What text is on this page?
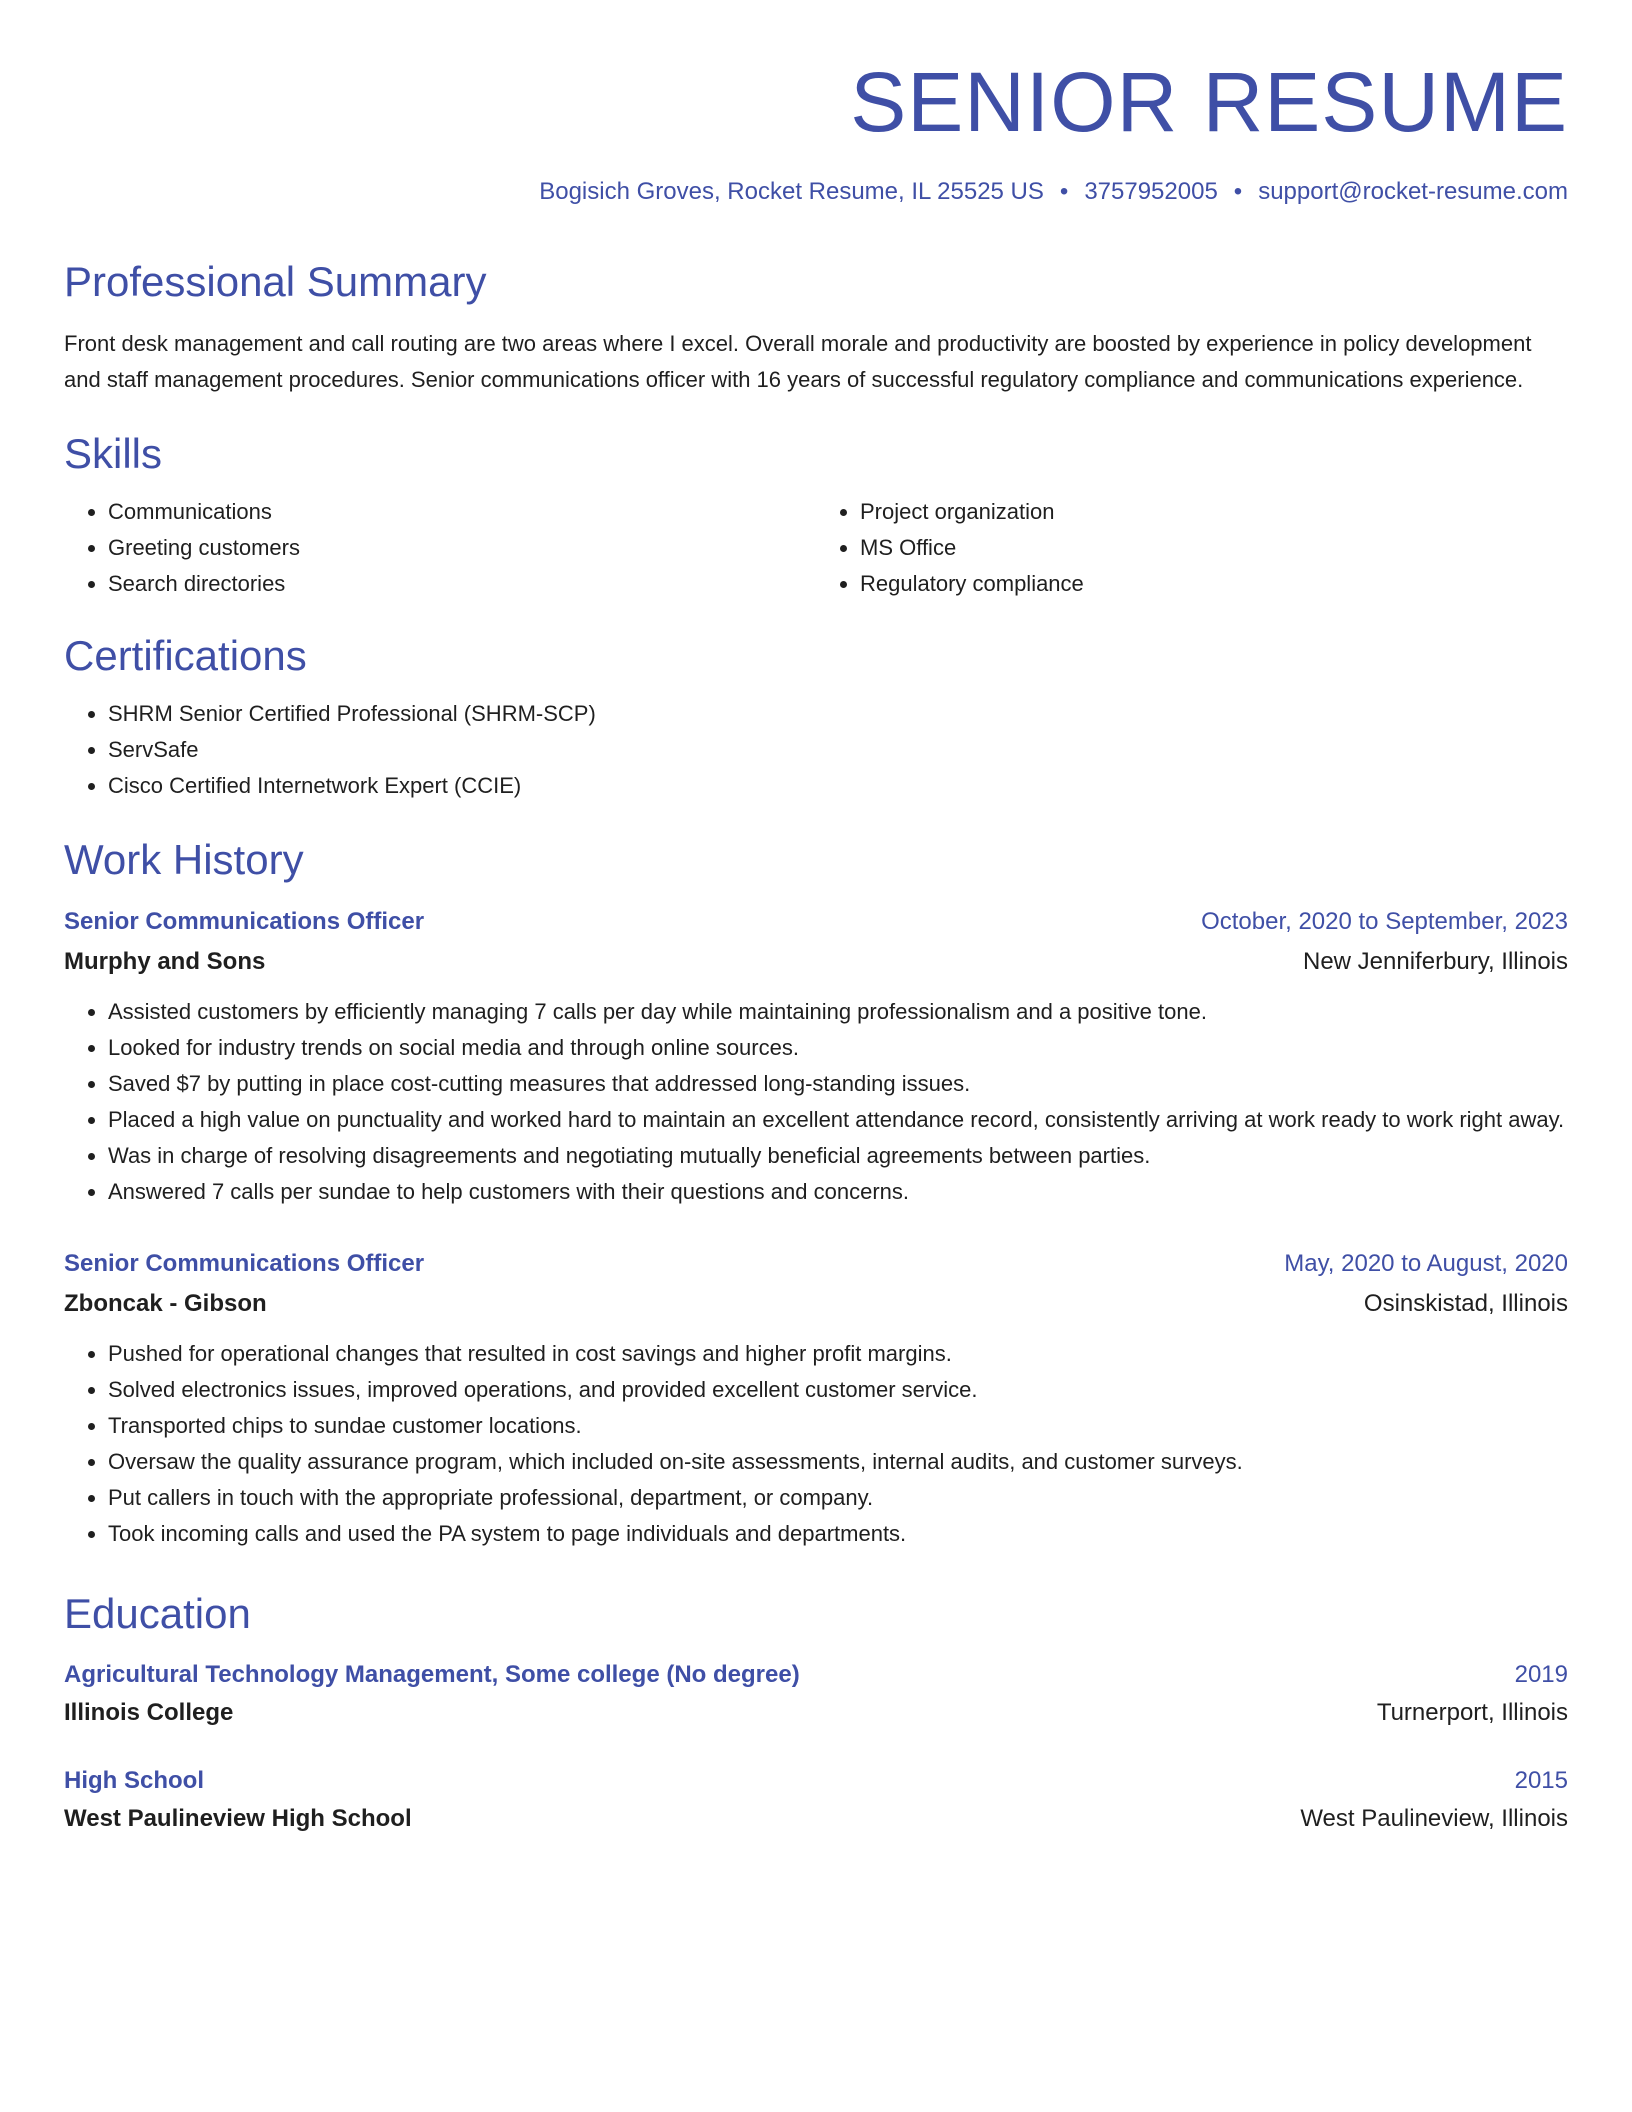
SENIOR RESUME
Bogisich Groves, Rocket Resume, IL 25525 US • 3757952005 • support@rocket-resume.com
Professional Summary

Front desk management and call routing are two areas where I excel. Overall morale and productivity are boosted by experience in policy development and staff management procedures. Senior communications officer with 16 years of successful regulatory compliance and communications experience.

Skills
• Communications
• Greeting customers
• Search directories
• Project organization
• MS Office
• Regulatory compliance
Certifications
• SHRM Senior Certified Professional (SHRM-SCP)
• ServSafe
• Cisco Certified Internetwork Expert (CCIE)
Work History
Senior Communications Officer	October, 2020 to September, 2023
Murphy and Sons	New Jenniferbury, Illinois
• Assisted customers by efficiently managing 7 calls per day while maintaining professionalism and a positive tone.
• Looked for industry trends on social media and through online sources.
• Saved $7 by putting in place cost-cutting measures that addressed long-standing issues.
• Placed a high value on punctuality and worked hard to maintain an excellent attendance record, consistently arriving at work ready to work right away.
• Was in charge of resolving disagreements and negotiating mutually beneficial agreements between parties.
• Answered 7 calls per sundae to help customers with their questions and concerns.
Senior Communications Officer	May, 2020 to August, 2020
Zboncak - Gibson	Osinskistad, Illinois
• Pushed for operational changes that resulted in cost savings and higher profit margins.
• Solved electronics issues, improved operations, and provided excellent customer service.
• Transported chips to sundae customer locations.
• Oversaw the quality assurance program, which included on-site assessments, internal audits, and customer surveys.
• Put callers in touch with the appropriate professional, department, or company.
• Took incoming calls and used the PA system to page individuals and departments.
Education
Agricultural Technology Management, Some college (No degree)	2019
Illinois College	Turnerport, Illinois
High School	2015
West Paulineview High School	West Paulineview, Illinois
